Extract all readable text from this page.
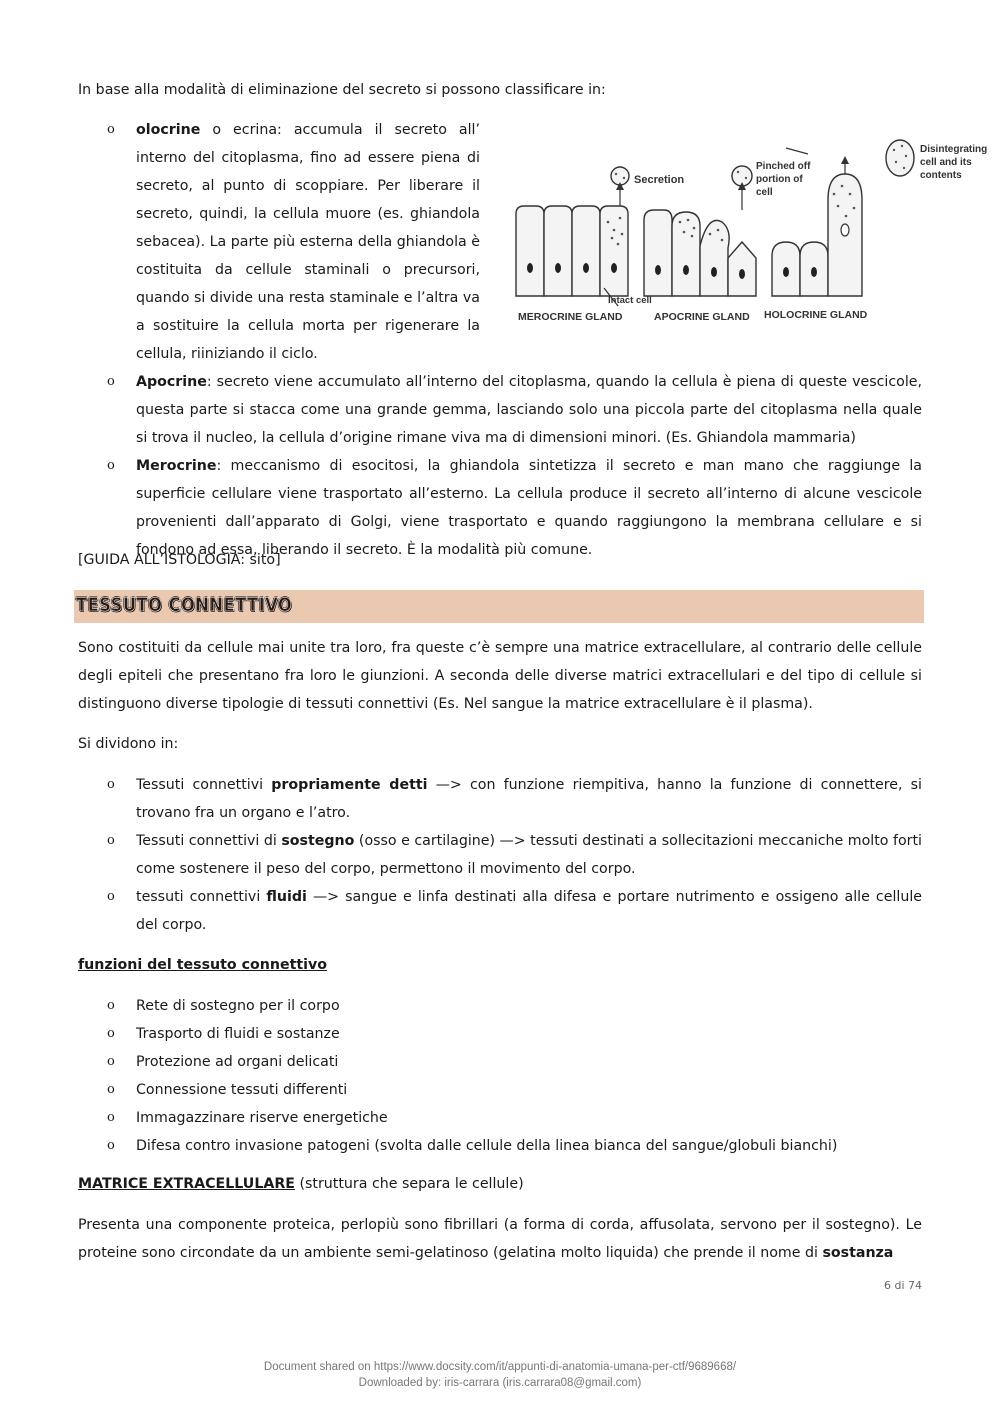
In base alla modalità di eliminazione del secreto si possono classificare in:

o olocrine o ecrina: accumula il secreto all’ interno del citoplasma, fino ad essere piena di secreto, al punto di scoppiare. Per liberare il secreto, quindi, la cellula muore (es. ghiandola sebacea). La parte più esterna della ghiandola è costituita da cellule staminali o precursori, quando si divide una resta staminale e l’altra va a sostituire la cellula morta per rigenerare la cellula, riiniziando il ciclo.
o Apocrine: secreto viene accumulato all’interno del citoplasma, quando la cellula è piena di queste vescicole, questa parte si stacca come una grande gemma, lasciando solo una piccola parte del citoplasma nella quale si trova il nucleo, la cellula d’origine rimane viva ma di dimensioni minori. (Es. Ghiandola mammaria)
o Merocrine: meccanismo di esocitosi, la ghiandola sintetizza il secreto e man mano che raggiunge la superficie cellulare viene trasportato all’esterno. La cellula produce il secreto all’interno di alcune vescicole provenienti dall’apparato di Golgi, viene trasportato e quando raggiungono la membrana cellulare e si fondono ad essa, liberando il secreto. È la modalità più comune.
Secretion
Pinched off
portion of
cell
Disintegrating
cell and its
contents
Intact cell
MEROCRINE GLAND	APOCRINE GLAND HOLOCRINE GLAND

[GUIDA ALL’ISTOLOGIA: sito]

TESSUTO CONNETTIVO

Sono costituiti da cellule mai unite tra loro, fra queste c’è sempre una matrice extracellulare, al contrario delle cellule degli epiteli che presentano fra loro le giunzioni. A seconda delle diverse matrici extracellulari e del tipo di cellule si distinguono diverse tipologie di tessuti connettivi (Es. Nel sangue la matrice extracellulare è il plasma).

Si dividono in:

o Tessuti connettivi propriamente detti —> con funzione riempitiva, hanno la funzione di connettere, si trovano fra un organo e l’atro.
o Tessuti connettivi di sostegno (osso e cartilagine) —> tessuti destinati a sollecitazioni meccaniche molto forti come sostenere il peso del corpo, permettono il movimento del corpo.
o tessuti connettivi fluidi —> sangue e linfa destinati alla difesa e portare nutrimento e ossigeno alle cellule del corpo.

funzioni del tessuto connettivo

o Rete di sostegno per il corpo
o Trasporto di fluidi e sostanze
o Protezione ad organi delicati
o Connessione tessuti differenti
o Immagazzinare riserve energetiche
o Difesa contro invasione patogeni (svolta dalle cellule della linea bianca del sangue/globuli bianchi)

MATRICE EXTRACELLULARE (struttura che separa le cellule)

Presenta una componente proteica, perlopiù sono fibrillari (a forma di corda, affusolata, servono per il sostegno). Le proteine sono circondate da un ambiente semi-gelatinoso (gelatina molto liquida) che prende il nome di sostanza

6 di 74
Document shared on https://www.docsity.com/it/appunti-di-anatomia-umana-per-ctf/9689668/
Downloaded by: iris-carrara (iris.carrara08@gmail.com)
